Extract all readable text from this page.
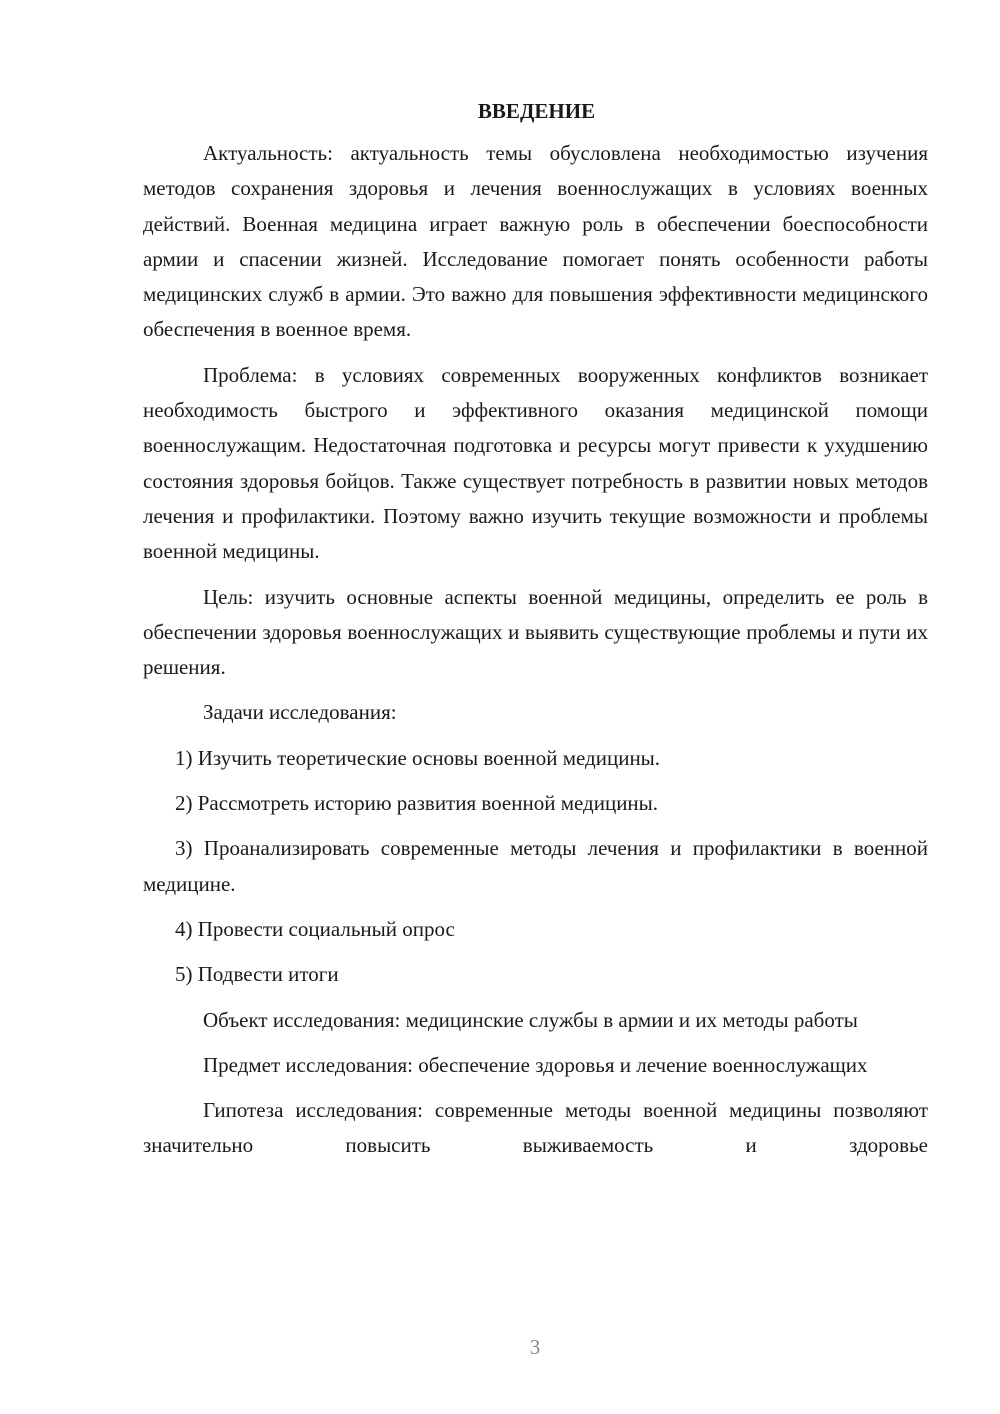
ВВЕДЕНИЕ

Актуальность: актуальность темы обусловлена необходимостью изучения методов сохранения здоровья и лечения военнослужащих в условиях военных действий. Военная медицина играет важную роль в обеспечении боеспособности армии и спасении жизней. Исследование помогает понять особенности работы медицинских служб в армии. Это важно для повышения эффективности медицинского обеспечения в военное время.

Проблема: в условиях современных вооруженных конфликтов возникает необходимость быстрого и эффективного оказания медицинской помощи военнослужащим. Недостаточная подготовка и ресурсы могут привести к ухудшению состояния здоровья бойцов. Также существует потребность в развитии новых методов лечения и профилактики. Поэтому важно изучить текущие возможности и проблемы военной медицины.

Цель: изучить основные аспекты военной медицины, определить ее роль в обеспечении здоровья военнослужащих и выявить существующие проблемы и пути их решения.

Задачи исследования:

1) Изучить теоретические основы военной медицины.

2) Рассмотреть историю развития военной медицины.

3) Проанализировать современные методы лечения и профилактики в военной медицине.

4) Провести социальный опрос

5) Подвести итоги

Объект исследования: медицинские службы в армии и их методы работы

Предмет исследования: обеспечение здоровья и лечение военнослужащих

Гипотеза исследования: современные методы военной медицины позволяют значительно повысить выживаемость и здоровье

3
